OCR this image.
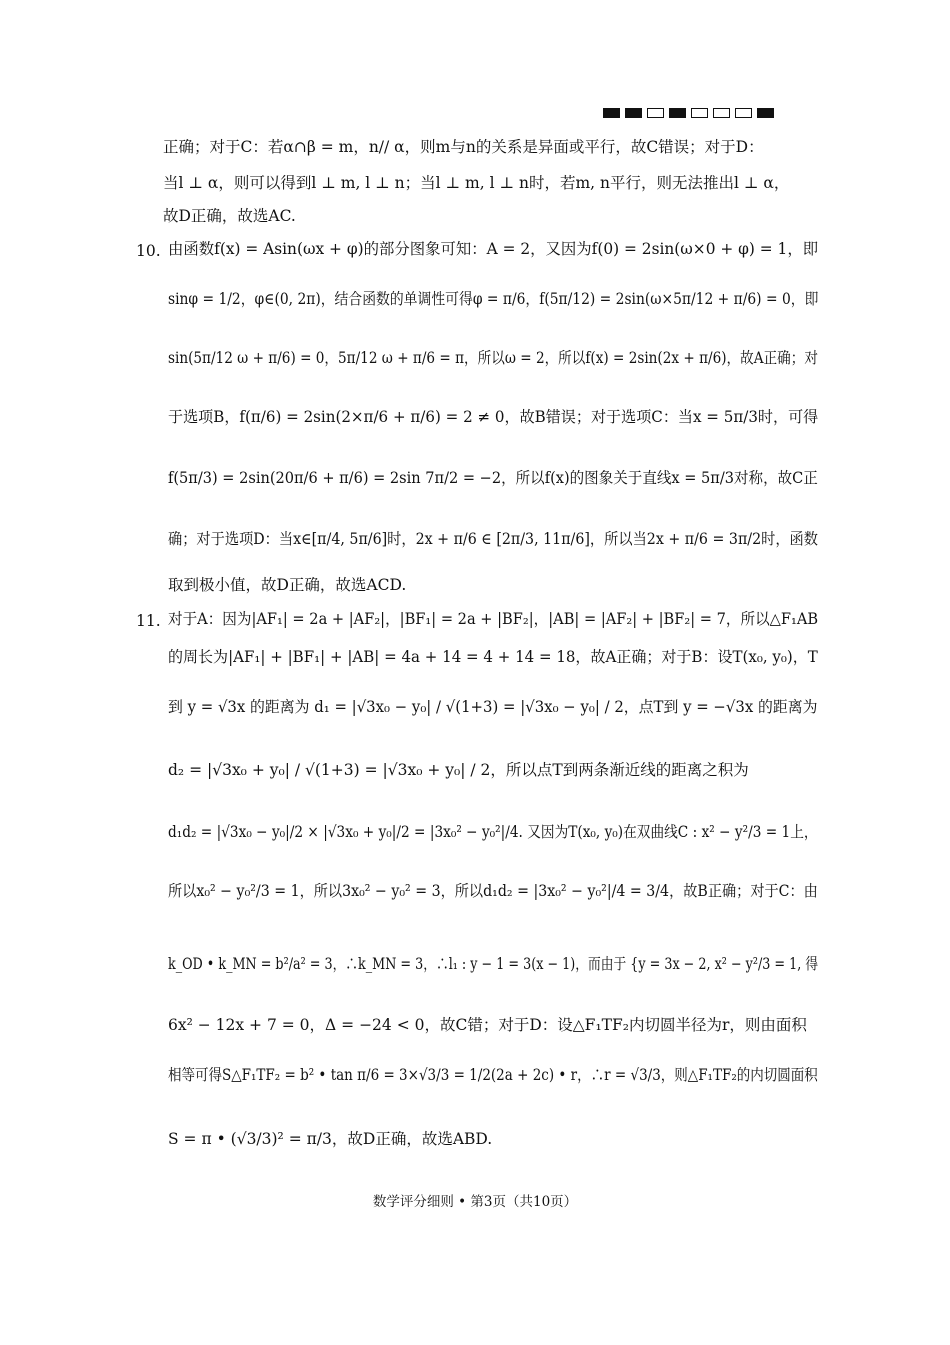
正确；对于C：若α∩β = m，n// α，则m与n的关系是异面或平行，故C错误；对于D：
当l ⊥ α，则可以得到l ⊥ m, l ⊥ n；当l ⊥ m, l ⊥ n时，若m, n平行，则无法推出l ⊥ α，
故D正确，故选AC.
10. 由函数f(x) = Asin(ωx + φ)的部分图象可知：A = 2，又因为f(0) = 2sin(ω×0 + φ) = 1，即
sinφ = 1/2，φ∈(0, 2π)，结合函数的单调性可得φ = π/6，f(5π/12) = 2sin(ω×5π/12 + π/6) = 0，即
sin(5π/12 ω + π/6) = 0，5π/12 ω + π/6 = π，所以ω = 2，所以f(x) = 2sin(2x + π/6)，故A正确；对
于选项B，f(π/6) = 2sin(2×π/6 + π/6) = 2 ≠ 0，故B错误；对于选项C：当x = 5π/3时，可得
f(5π/3) = 2sin(20π/6 + π/6) = 2sin 7π/2 = −2，所以f(x)的图象关于直线x = 5π/3对称，故C正
确；对于选项D：当x∈[π/4, 5π/6]时，2x + π/6 ∈ [2π/3, 11π/6]，所以当2x + π/6 = 3π/2时，函数
取到极小值，故D正确，故选ACD.
11. 对于A：因为|AF₁| = 2a + |AF₂|，|BF₁| = 2a + |BF₂|，|AB| = |AF₂| + |BF₂| = 7，所以△F₁AB
的周长为|AF₁| + |BF₁| + |AB| = 4a + 14 = 4 + 14 = 18，故A正确；对于B：设T(x₀, y₀)，T
到 y = √3x 的距离为 d₁ = |√3x₀ − y₀| / √(1+3) = |√3x₀ − y₀| / 2，点T到 y = −√3x 的距离为
d₂ = |√3x₀ + y₀| / √(1+3) = |√3x₀ + y₀| / 2，所以点T到两条渐近线的距离之积为
d₁d₂ = |√3x₀ − y₀|/2 × |√3x₀ + y₀|/2 = |3x₀² − y₀²|/4. 又因为T(x₀, y₀)在双曲线C : x² − y²/3 = 1上，
所以x₀² − y₀²/3 = 1，所以3x₀² − y₀² = 3，所以d₁d₂ = |3x₀² − y₀²|/4 = 3/4，故B正确；对于C：由
k_OD • k_MN = b²/a² = 3，∴k_MN = 3，∴l₁ : y − 1 = 3(x − 1)，而由于 {y = 3x − 2, x² − y²/3 = 1, 得
6x² − 12x + 7 = 0，Δ = −24 < 0，故C错；对于D：设△F₁TF₂内切圆半径为r，则由面积
相等可得S△F₁TF₂ = b² • tan π/6 = 3×√3/3 = 1/2(2a + 2c) • r，∴r = √3/3，则△F₁TF₂的内切圆面积
S = π • (√3/3)² = π/3，故D正确，故选ABD.
数学评分细则 • 第3页（共10页）
